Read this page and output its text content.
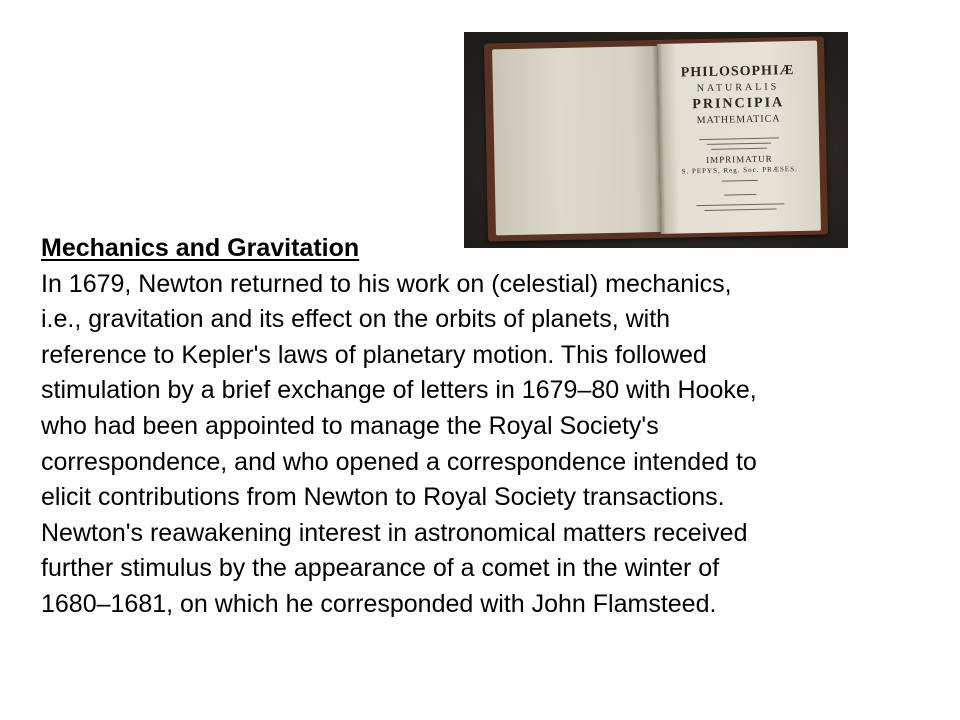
PHILOSOPHIÆ
NATURALIS
PRINCIPIA
MATHEMATICA
IMPRIMATUR
S. PEPYS, Reg. Soc. PRÆSES.
Mechanics and Gravitation
In 1679, Newton returned to his work on (celestial) mechanics,
i.e., gravitation and its effect on the orbits of planets, with
reference to Kepler's laws of planetary motion. This followed
stimulation by a brief exchange of letters in 1679–80 with Hooke,
who had been appointed to manage the Royal Society's
correspondence, and who opened a correspondence intended to
elicit contributions from Newton to Royal Society transactions.
Newton's reawakening interest in astronomical matters received
further stimulus by the appearance of a comet in the winter of
1680–1681, on which he corresponded with John Flamsteed.
